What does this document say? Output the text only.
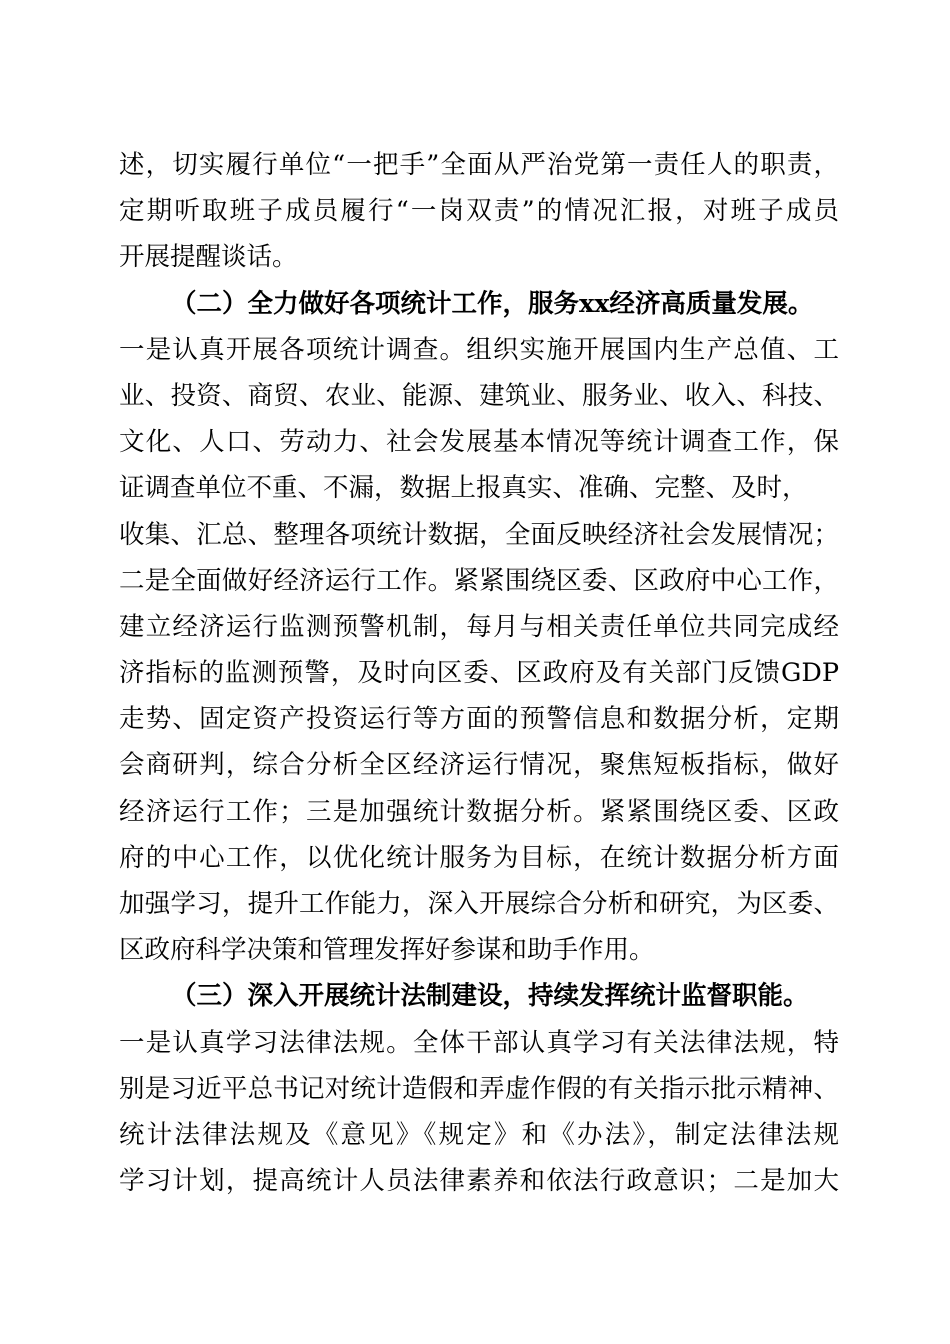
述，切实履行单位“一把手”全面从严治党第一责任人的职责，
定期听取班子成员履行“一岗双责”的情况汇报，对班子成员
开展提醒谈话。
（二）全力做好各项统计工作，服务xx经济高质量发展。
一是认真开展各项统计调查。组织实施开展国内生产总值、工
业、投资、商贸、农业、能源、建筑业、服务业、收入、科技、
文化、人口、劳动力、社会发展基本情况等统计调查工作，保
证调查单位不重、不漏，数据上报真实、准确、完整、及时，
收集、汇总、整理各项统计数据，全面反映经济社会发展情况；
二是全面做好经济运行工作。紧紧围绕区委、区政府中心工作，
建立经济运行监测预警机制，每月与相关责任单位共同完成经
济指标的监测预警，及时向区委、区政府及有关部门反馈GDP
走势、固定资产投资运行等方面的预警信息和数据分析，定期
会商研判，综合分析全区经济运行情况，聚焦短板指标，做好
经济运行工作；三是加强统计数据分析。紧紧围绕区委、区政
府的中心工作，以优化统计服务为目标，在统计数据分析方面
加强学习，提升工作能力，深入开展综合分析和研究，为区委、
区政府科学决策和管理发挥好参谋和助手作用。
（三）深入开展统计法制建设，持续发挥统计监督职能。
一是认真学习法律法规。全体干部认真学习有关法律法规，特
别是习近平总书记对统计造假和弄虚作假的有关指示批示精神、
统计法律法规及《意见》《规定》和《办法》，制定法律法规
学习计划，提高统计人员法律素养和依法行政意识；二是加大
